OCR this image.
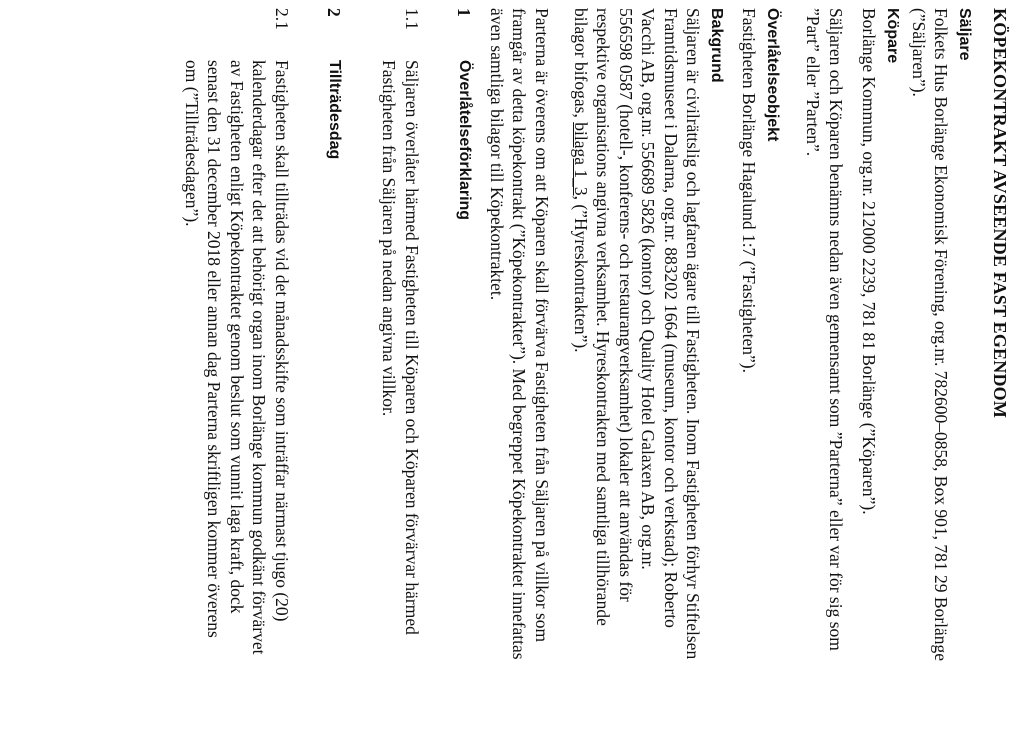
KÖPEKONTRAKT AVSEENDE FAST EGENDOM
Säljare
Folkets Hus Borlänge Ekonomisk Förening, org.nr. 782600–0858, Box 901, 781 29 Borlänge
(”Säljaren”).
Köpare
Borlänge Kommun, org.nr. 212000 2239, 781 81 Borlänge (”Köparen”).
Säljaren och Köparen benämns nedan även gemensamt som ”Parterna” eller var för sig som
”Part” eller ”Parten”.
Överlåtelseobjekt
Fastigheten Borlänge Hagalund 1:7 (”Fastigheten”).
Bakgrund
Säljaren är civilrättslig och lagfaren ägare till Fastigheten. Inom Fastigheten förhyr Stiftelsen
Framtidsmuseet i Dalarna, org.nr. 883202 1664 (museum, kontor och verkstad); Roberto
Vacchi AB, org.nr. 556689 5826 (kontor) och Quality Hotel Galaxen AB, org.nr.
556598 0587 (hotell-, konferens- och restaurangverksamhet) lokaler att användas för
respektive organisations angivna verksamhet. Hyreskontrakten med samtliga tillhörande
bilagor bifogas, bilaga 1_3, (”Hyreskontrakten”).
Parterna är överens om att Köparen skall förvärva Fastigheten från Säljaren på villkor som
framgår av detta köpekontrakt (”Köpekontraktet”). Med begreppet Köpekontraktet innefattas
även samtliga bilagor till Köpekontraktet.
1
Överlåtelseförklaring
1.1
Säljaren överlåter härmed Fastigheten till Köparen och Köparen förvärvar härmed
Fastigheten från Säljaren på nedan angivna villkor.
2
Tillträdesdag
2.1
Fastigheten skall tillträdas vid det månadsskifte som inträffar närmast tjugo (20)
kalenderdagar efter det att behörigt organ inom Borlänge kommun godkänt förvärvet
av Fastigheten enligt Köpekontraktet genom beslut som vunnit laga kraft, dock
senast den 31 december 2018 eller annan dag Parterna skriftligen kommer överens
om (”Tillträdesdagen”).
